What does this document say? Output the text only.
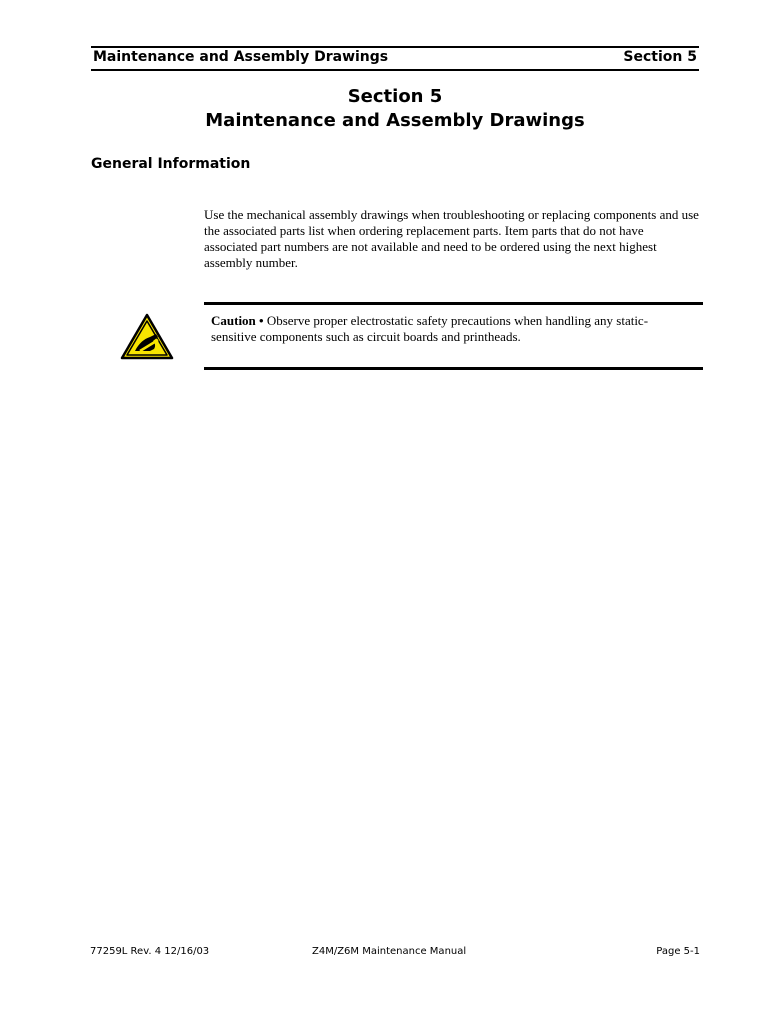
Maintenance and Assembly Drawings	Section 5
Section 5
Maintenance and Assembly Drawings
General Information

Use the mechanical assembly drawings when troubleshooting or replacing components and use the associated parts list when ordering replacement parts. Item parts that do not have associated part numbers are not available and need to be ordered using the next highest assembly number.

Caution • Observe proper electrostatic safety precautions when handling any static-sensitive components such as circuit boards and printheads.

77259L Rev. 4 12/16/03	Z4M/Z6M Maintenance Manual	Page 5-1
